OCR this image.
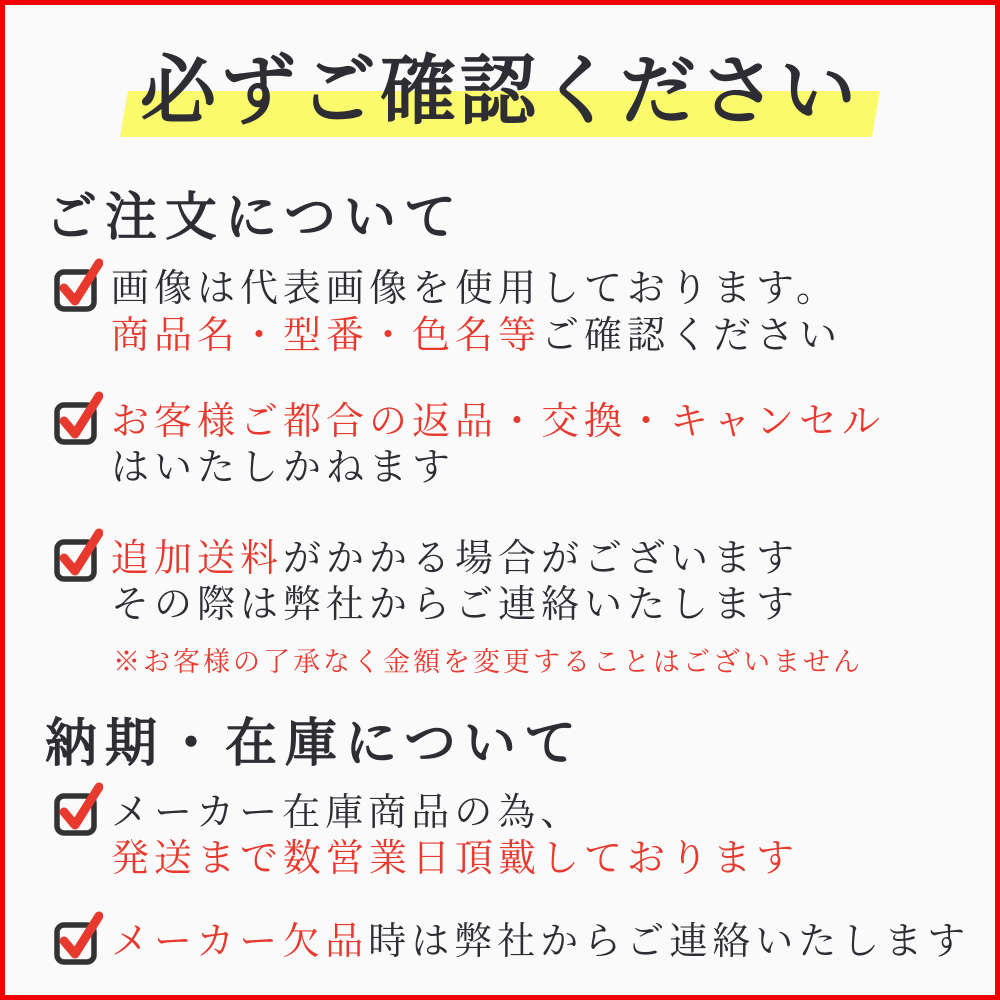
必ずご確認ください
ご注文について

画像は代表画像を使用しております。

商品名・型番・色名等ご確認ください

お客様ご都合の返品・交換・キャンセル

はいたしかねます

追加送料がかかる場合がございます

その際は弊社からご連絡いたします

※お客様の了承なく金額を変更することはございません

納期・在庫について

メーカー在庫商品の為、

発送まで数営業日頂戴しております

メーカー欠品時は弊社からご連絡いたします
